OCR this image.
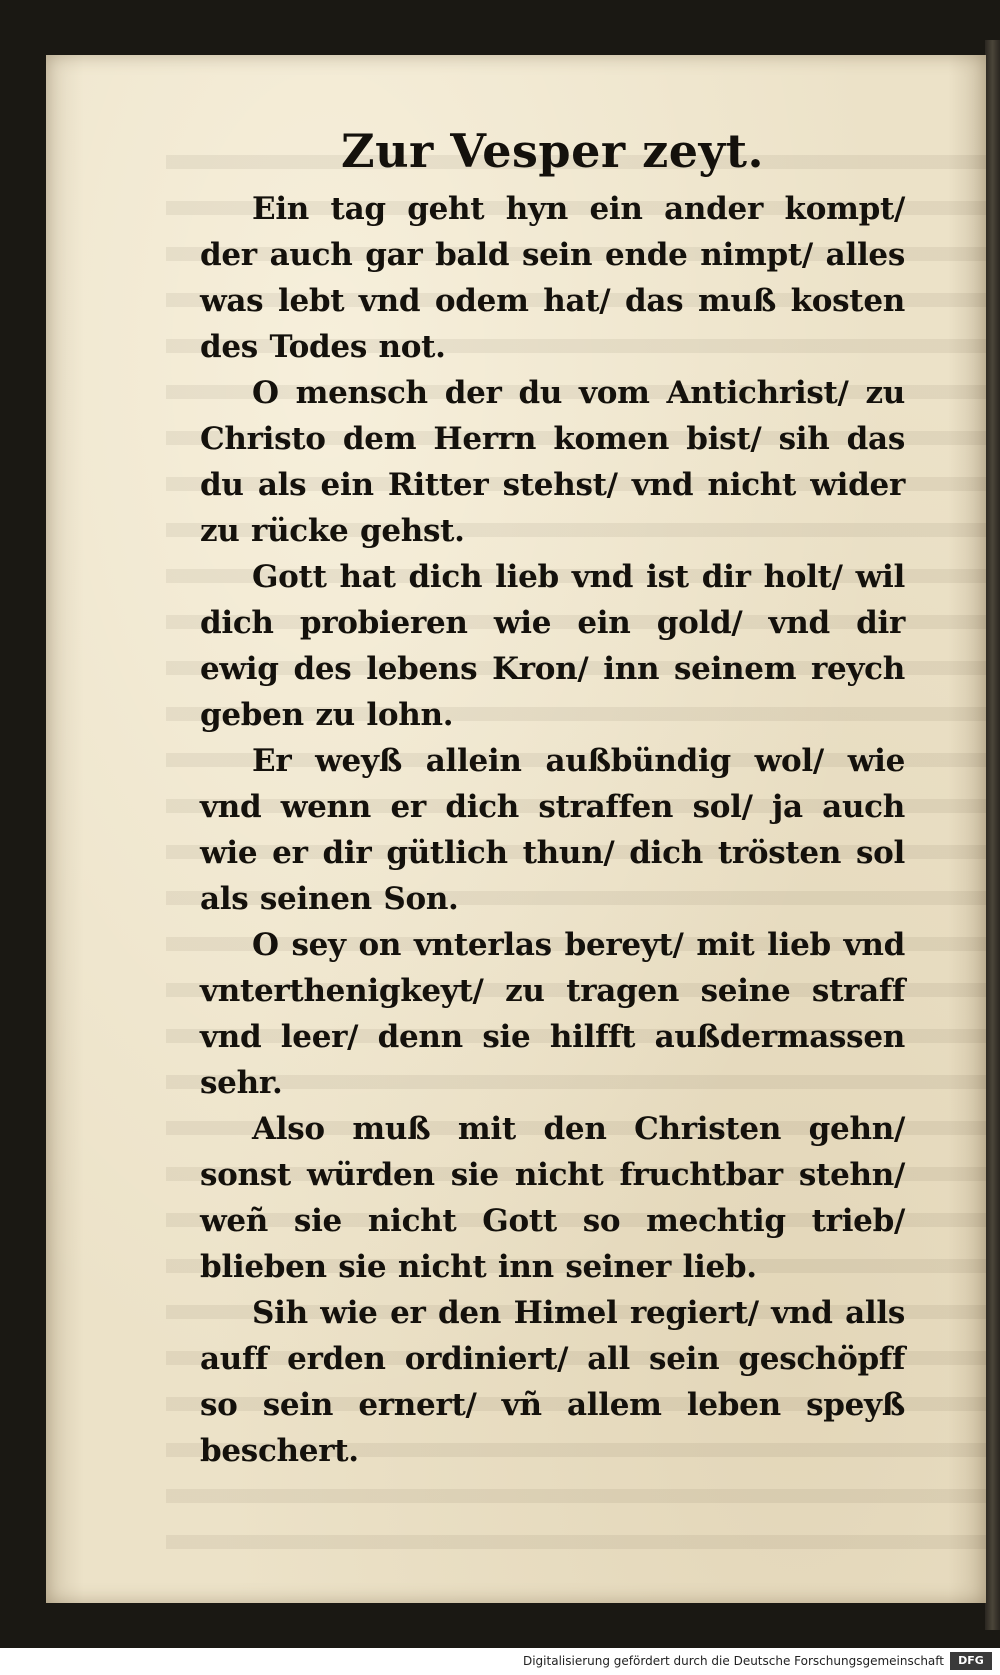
Zur Vesper zeyt.

Ein tag geht hyn ein ander kompt/ der auch gar bald sein ende nimpt/ alles was lebt vnd odem hat/ das muß kosten des Todes not.

O mensch der du vom Antichrist/ zu Christo dem Herrn komen bist/ sih das du als ein Ritter stehst/ vnd nicht wider zu rücke gehst.

Gott hat dich lieb vnd ist dir holt/ wil dich probieren wie ein gold/ vnd dir ewig des lebens Kron/ inn seinem reych geben zu lohn.

Er weyß allein außbündig wol/ wie vnd wenn er dich straffen sol/ ja auch wie er dir gütlich thun/ dich trösten sol als seinen Son.

O sey on vnterlas bereyt/ mit lieb vnd vnterthenigkeyt/ zu tragen seine straff vnd leer/ denn sie hilfft außdermassen sehr.

Also muß mit den Christen gehn/ sonst würden sie nicht fruchtbar stehn/ weñ sie nicht Gott so mechtig trieb/ blieben sie nicht inn seiner lieb.

Sih wie er den Himel regiert/ vnd alls auff erden ordiniert/ all sein geschöpff so sein ernert/ vñ allem leben speyß beschert.

Digitalisierung gefördert durch die Deutsche Forschungsgemeinschaft	DFG
